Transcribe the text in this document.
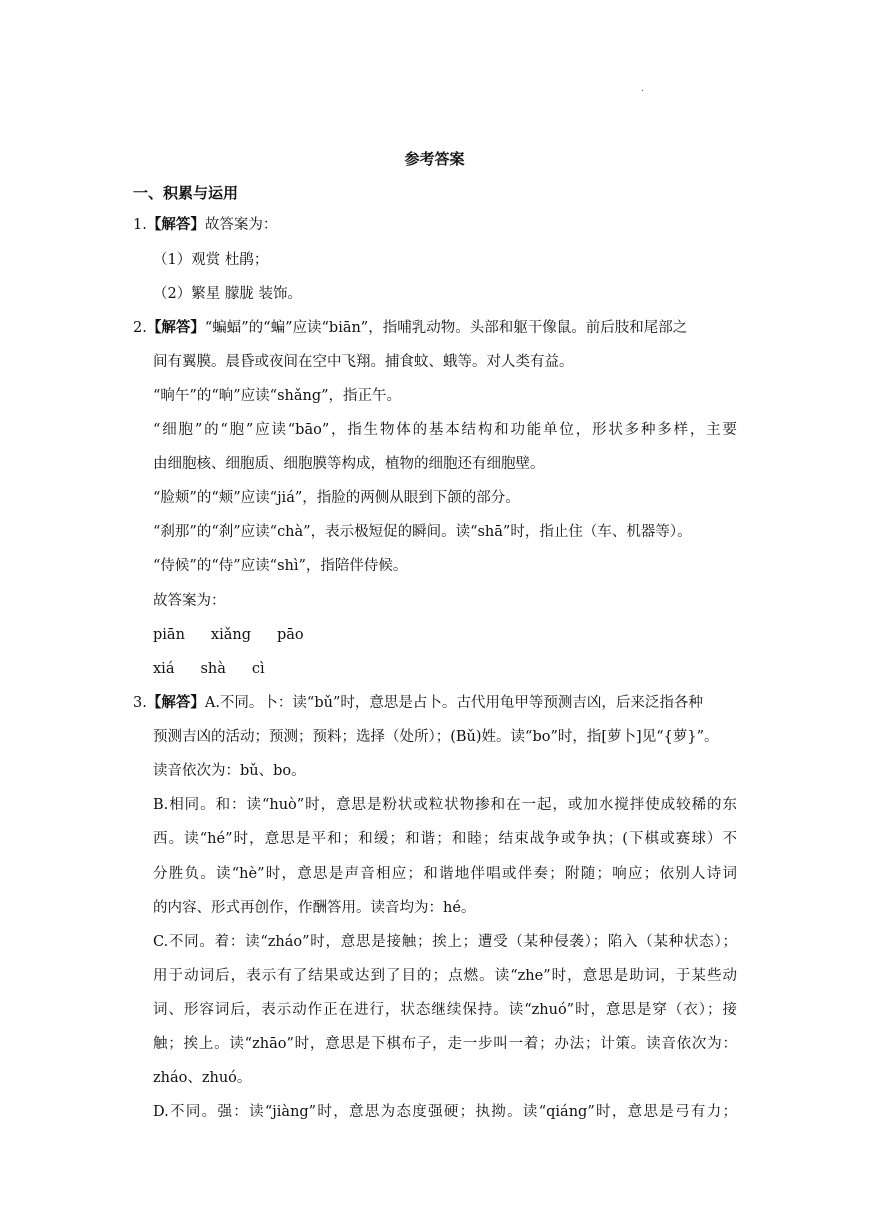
.
参考答案
一、积累与运用
1.【解答】故答案为：
（1）观赏 杜鹃；
（2）繁星 朦胧 装饰。
2.【解答】“蝙蝠”的“蝙”应读“biān”，指哺乳动物。头部和躯干像鼠。前后肢和尾部之
间有翼膜。晨昏或夜间在空中飞翔。捕食蚊、蛾等。对人类有益。
“晌午”的“晌”应读“shǎng”，指正午。
“细胞”的“胞”应读“bāo”，指生物体的基本结构和功能单位，形状多种多样，主要
由细胞核、细胞质、细胞膜等构成，植物的细胞还有细胞壁。
“脸颊”的“颊”应读“jiá”，指脸的两侧从眼到下颌的部分。
“刹那”的“刹”应读“chà”，表示极短促的瞬间。读“shā”时，指止住（车、机器等）。
“侍候”的“侍”应读“shì”，指陪伴侍候。
故答案为：
piān xiǎng pāo
xiá shà cì
3.【解答】A.不同。卜：读“bǔ”时，意思是占卜。古代用龟甲等预测吉凶，后来泛指各种
预测吉凶的活动；预测；预料；选择（处所）；(Bǔ)姓。读“bo”时，指[萝卜]见“{萝}”。
读音依次为：bǔ、bo。
B.相同。和：读“huò”时，意思是粉状或粒状物掺和在一起，或加水搅拌使成较稀的东
西。读“hé”时，意思是平和；和缓；和谐；和睦；结束战争或争执；(下棋或赛球）不
分胜负。读“hè”时，意思是声音相应；和谐地伴唱或伴奏；附随；响应；依别人诗词
的内容、形式再创作，作酬答用。读音均为：hé。
C.不同。着：读“zháo”时，意思是接触；挨上；遭受（某种侵袭）；陷入（某种状态）；
用于动词后，表示有了结果或达到了目的；点燃。读“zhe”时，意思是助词，于某些动
词、形容词后，表示动作正在进行，状态继续保持。读“zhuó”时，意思是穿（衣）；接
触；挨上。读“zhāo”时，意思是下棋布子，走一步叫一着；办法；计策。读音依次为：
zháo、zhuó。
D.不同。强：读“jiàng”时，意思为态度强硬；执拗。读“qiáng”时，意思是弓有力；
